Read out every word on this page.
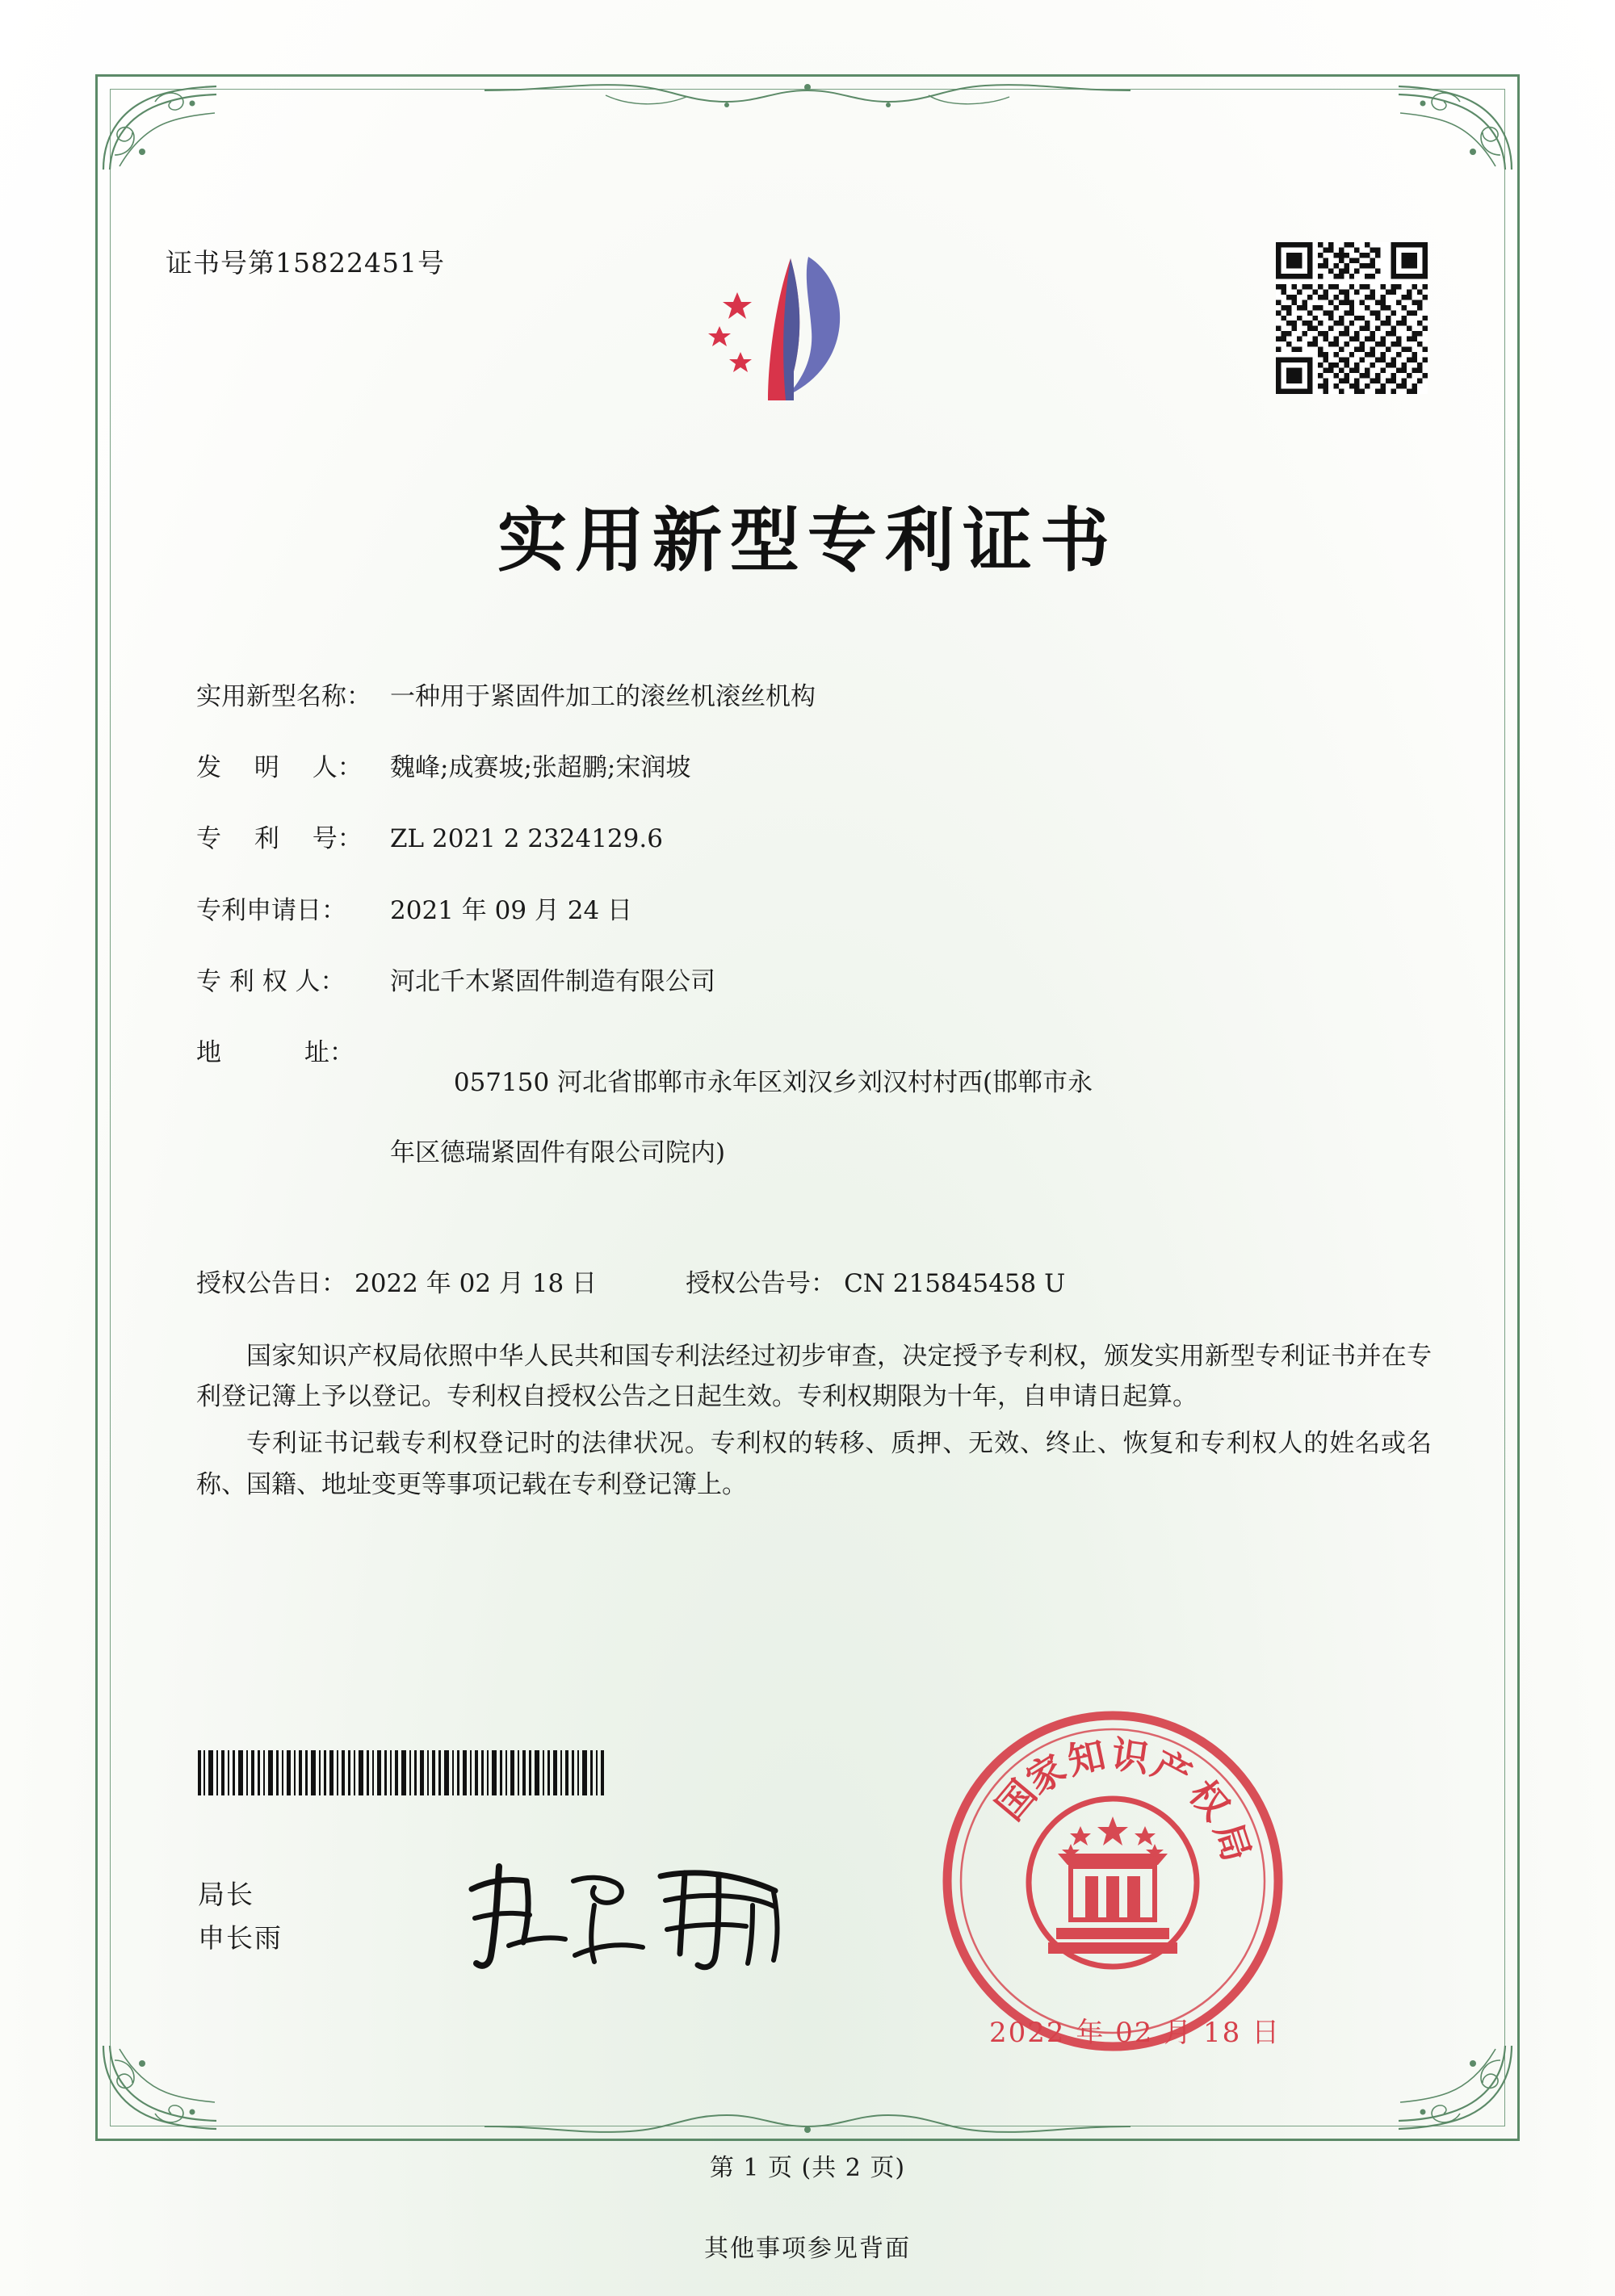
证书号第15822451号
实用新型专利证书
实用新型名称： 一种用于紧固件加工的滚丝机滚丝机构
发　 明　 人：	魏峰;成赛坡;张超鹏;宋润坡
专　 利　 号：	ZL 2021 2 2324129.6
专利申请日：	2021 年 09 月 24 日
专 利 权 人：	河北千木紧固件制造有限公司
地　　　 址：

057150 河北省邯郸市永年区刘汉乡刘汉村村西(邯郸市永

年区德瑞紧固件有限公司院内)

授权公告日： 2022 年 02 月 18 日	授权公告号： CN 215845458 U

国家知识产权局依照中华人民共和国专利法经过初步审查，决定授予专利权，颁发实用新型专利证书并在专利登记簿上予以登记。专利权自授权公告之日起生效。专利权期限为十年，自申请日起算。

专利证书记载专利权登记时的法律状况。专利权的转移、质押、无效、终止、恢复和专利权人的姓名或名称、国籍、地址变更等事项记载在专利登记簿上。

局长
申长雨
国
家
知 识
产
权
局
2022 年 02 月 18 日
第 1 页 (共 2 页)
其他事项参见背面
